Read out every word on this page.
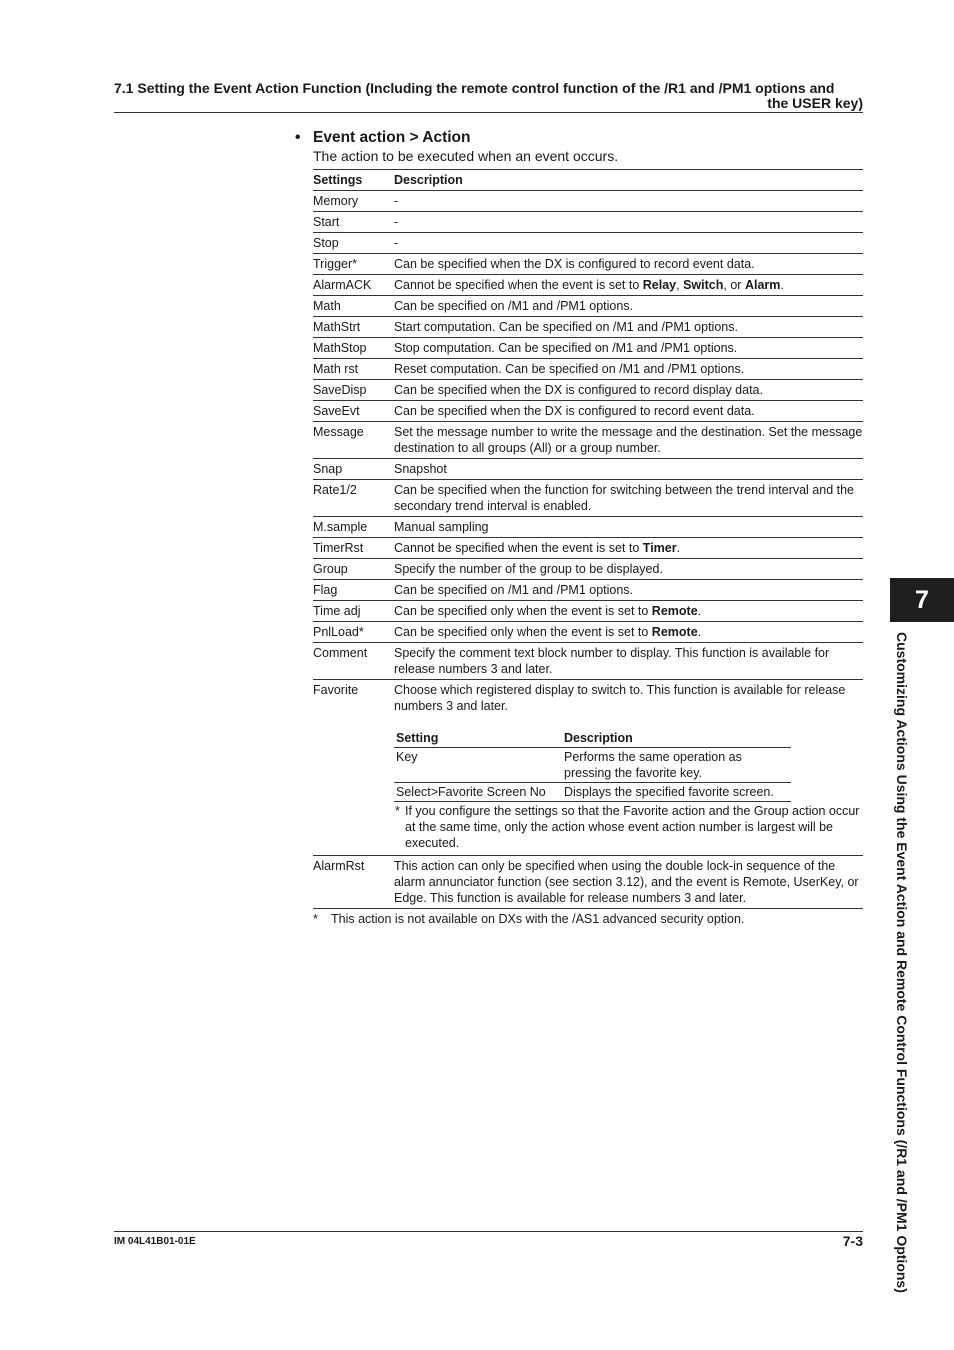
7.1 Setting the Event Action Function (Including the remote control function of the /R1 and /PM1 options and
the USER key)
• Event action > Action
The action to be executed when an event occurs.
Settings	Description
Memory	-
Start	-
Stop	-
Trigger*	Can be specified when the DX is configured to record event data.
AlarmACK	Cannot be specified when the event is set to Relay, Switch, or Alarm.
Math	Can be specified on /M1 and /PM1 options.
MathStrt	Start computation. Can be specified on /M1 and /PM1 options.
MathStop	Stop computation. Can be specified on /M1 and /PM1 options.
Math rst	Reset computation. Can be specified on /M1 and /PM1 options.
SaveDisp	Can be specified when the DX is configured to record display data.
SaveEvt	Can be specified when the DX is configured to record event data.
Message	Set the message number to write the message and the destination. Set the message destination to all groups (All) or a group number.
Snap	Snapshot
Rate1/2	Can be specified when the function for switching between the trend interval and the secondary trend interval is enabled.
M.sample	Manual sampling
TimerRst	Cannot be specified when the event is set to Timer.
Group	Specify the number of the group to be displayed.
Flag	Can be specified on /M1 and /PM1 options.
Time adj	Can be specified only when the event is set to Remote.
PnlLoad*	Can be specified only when the event is set to Remote.
Comment	Specify the comment text block number to display. This function is available for release numbers 3 and later.
Favorite	Choose which registered display to switch to. This function is available for release numbers 3 and later.
Setting	Description
Key	Performs the same operation as pressing the favorite key.
Select>Favorite Screen No	Displays the specified favorite screen.
* If you configure the settings so that the Favorite action and the Group action occur at the same time, only the action whose event action number is largest will be executed.

AlarmRst	This action can only be specified when using the double lock-in sequence of the alarm annunciator function (see section 3.12), and the event is Remote, UserKey, or Edge. This function is available for release numbers 3 and later.
* This action is not available on DXs with the /AS1 advanced security option.
7
Customizing Actions Using the Event Action and Remote Control Functions (/R1 and /PM1 Options)
IM 04L41B01-01E	7-3
